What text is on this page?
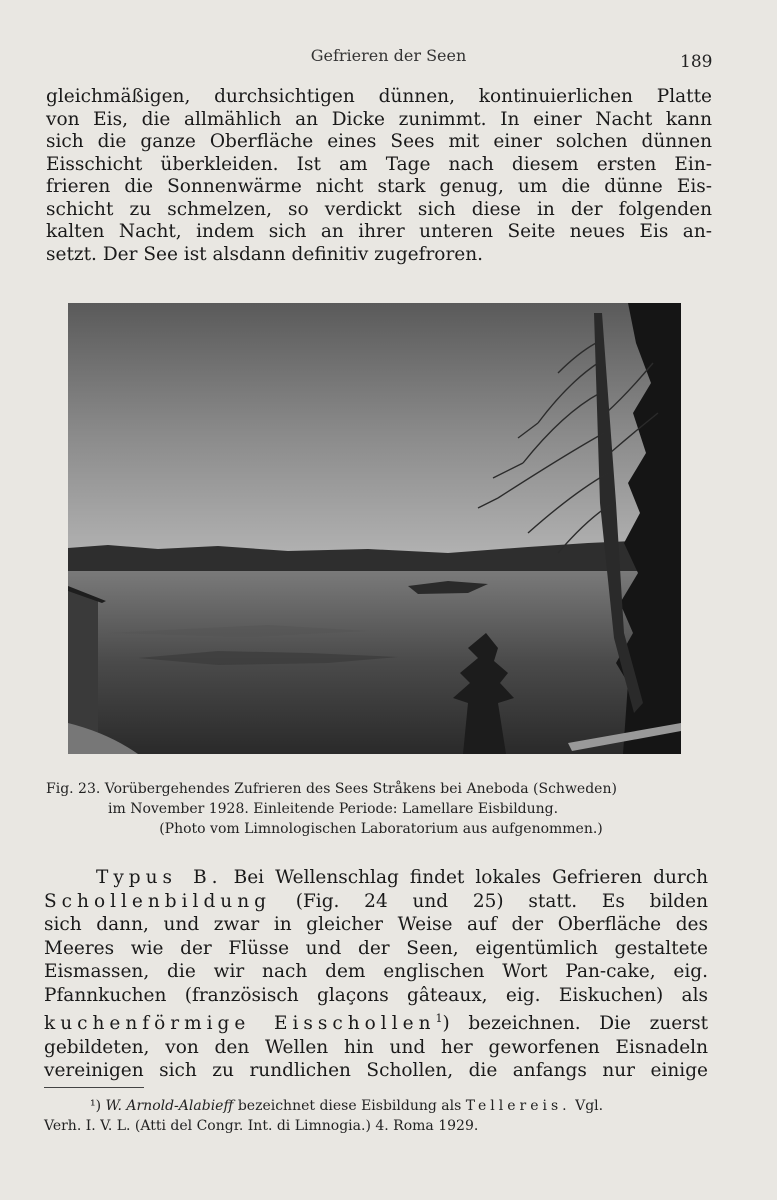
Gefrieren der Seen	189
gleichmäßigen, durchsichtigen dünnen, kontinuierlichen Platte
von Eis, die allmählich an Dicke zunimmt. In einer Nacht kann
sich die ganze Oberfläche eines Sees mit einer solchen dünnen
Eisschicht überkleiden. Ist am Tage nach diesem ersten Ein-
frieren die Sonnenwärme nicht stark genug, um die dünne Eis-
schicht zu schmelzen, so verdickt sich diese in der folgenden
kalten Nacht, indem sich an ihrer unteren Seite neues Eis an-
setzt. Der See ist alsdann definitiv zugefroren.
Fig. 23. Vorübergehendes Zufrieren des Sees Stråkens bei Aneboda (Schweden)
im November 1928. Einleitende Periode: Lamellare Eisbildung.
(Photo vom Limnologischen Laboratorium aus aufgenommen.)
Typus B. Bei Wellenschlag findet lokales Gefrieren durch
Schollenbildung (Fig. 24 und 25) statt. Es bilden
sich dann, und zwar in gleicher Weise auf der Oberfläche des
Meeres wie der Flüsse und der Seen, eigentümlich gestaltete
Eismassen, die wir nach dem englischen Wort Pan-cake, eig.
Pfannkuchen (französisch glaçons gâteaux, eig. Eiskuchen) als
kuchenförmige Eisschollen$^1$) bezeichnen. Die zuerst
gebildeten, von den Wellen hin und her geworfenen Eisnadeln
vereinigen sich zu rundlichen Schollen, die anfangs nur einige
¹) W. Arnold-Alabieff bezeichnet diese Eisbildung als Tellereis. Vgl.
Verh. I. V. L. (Atti del Congr. Int. di Limnogia.) 4. Roma 1929.
